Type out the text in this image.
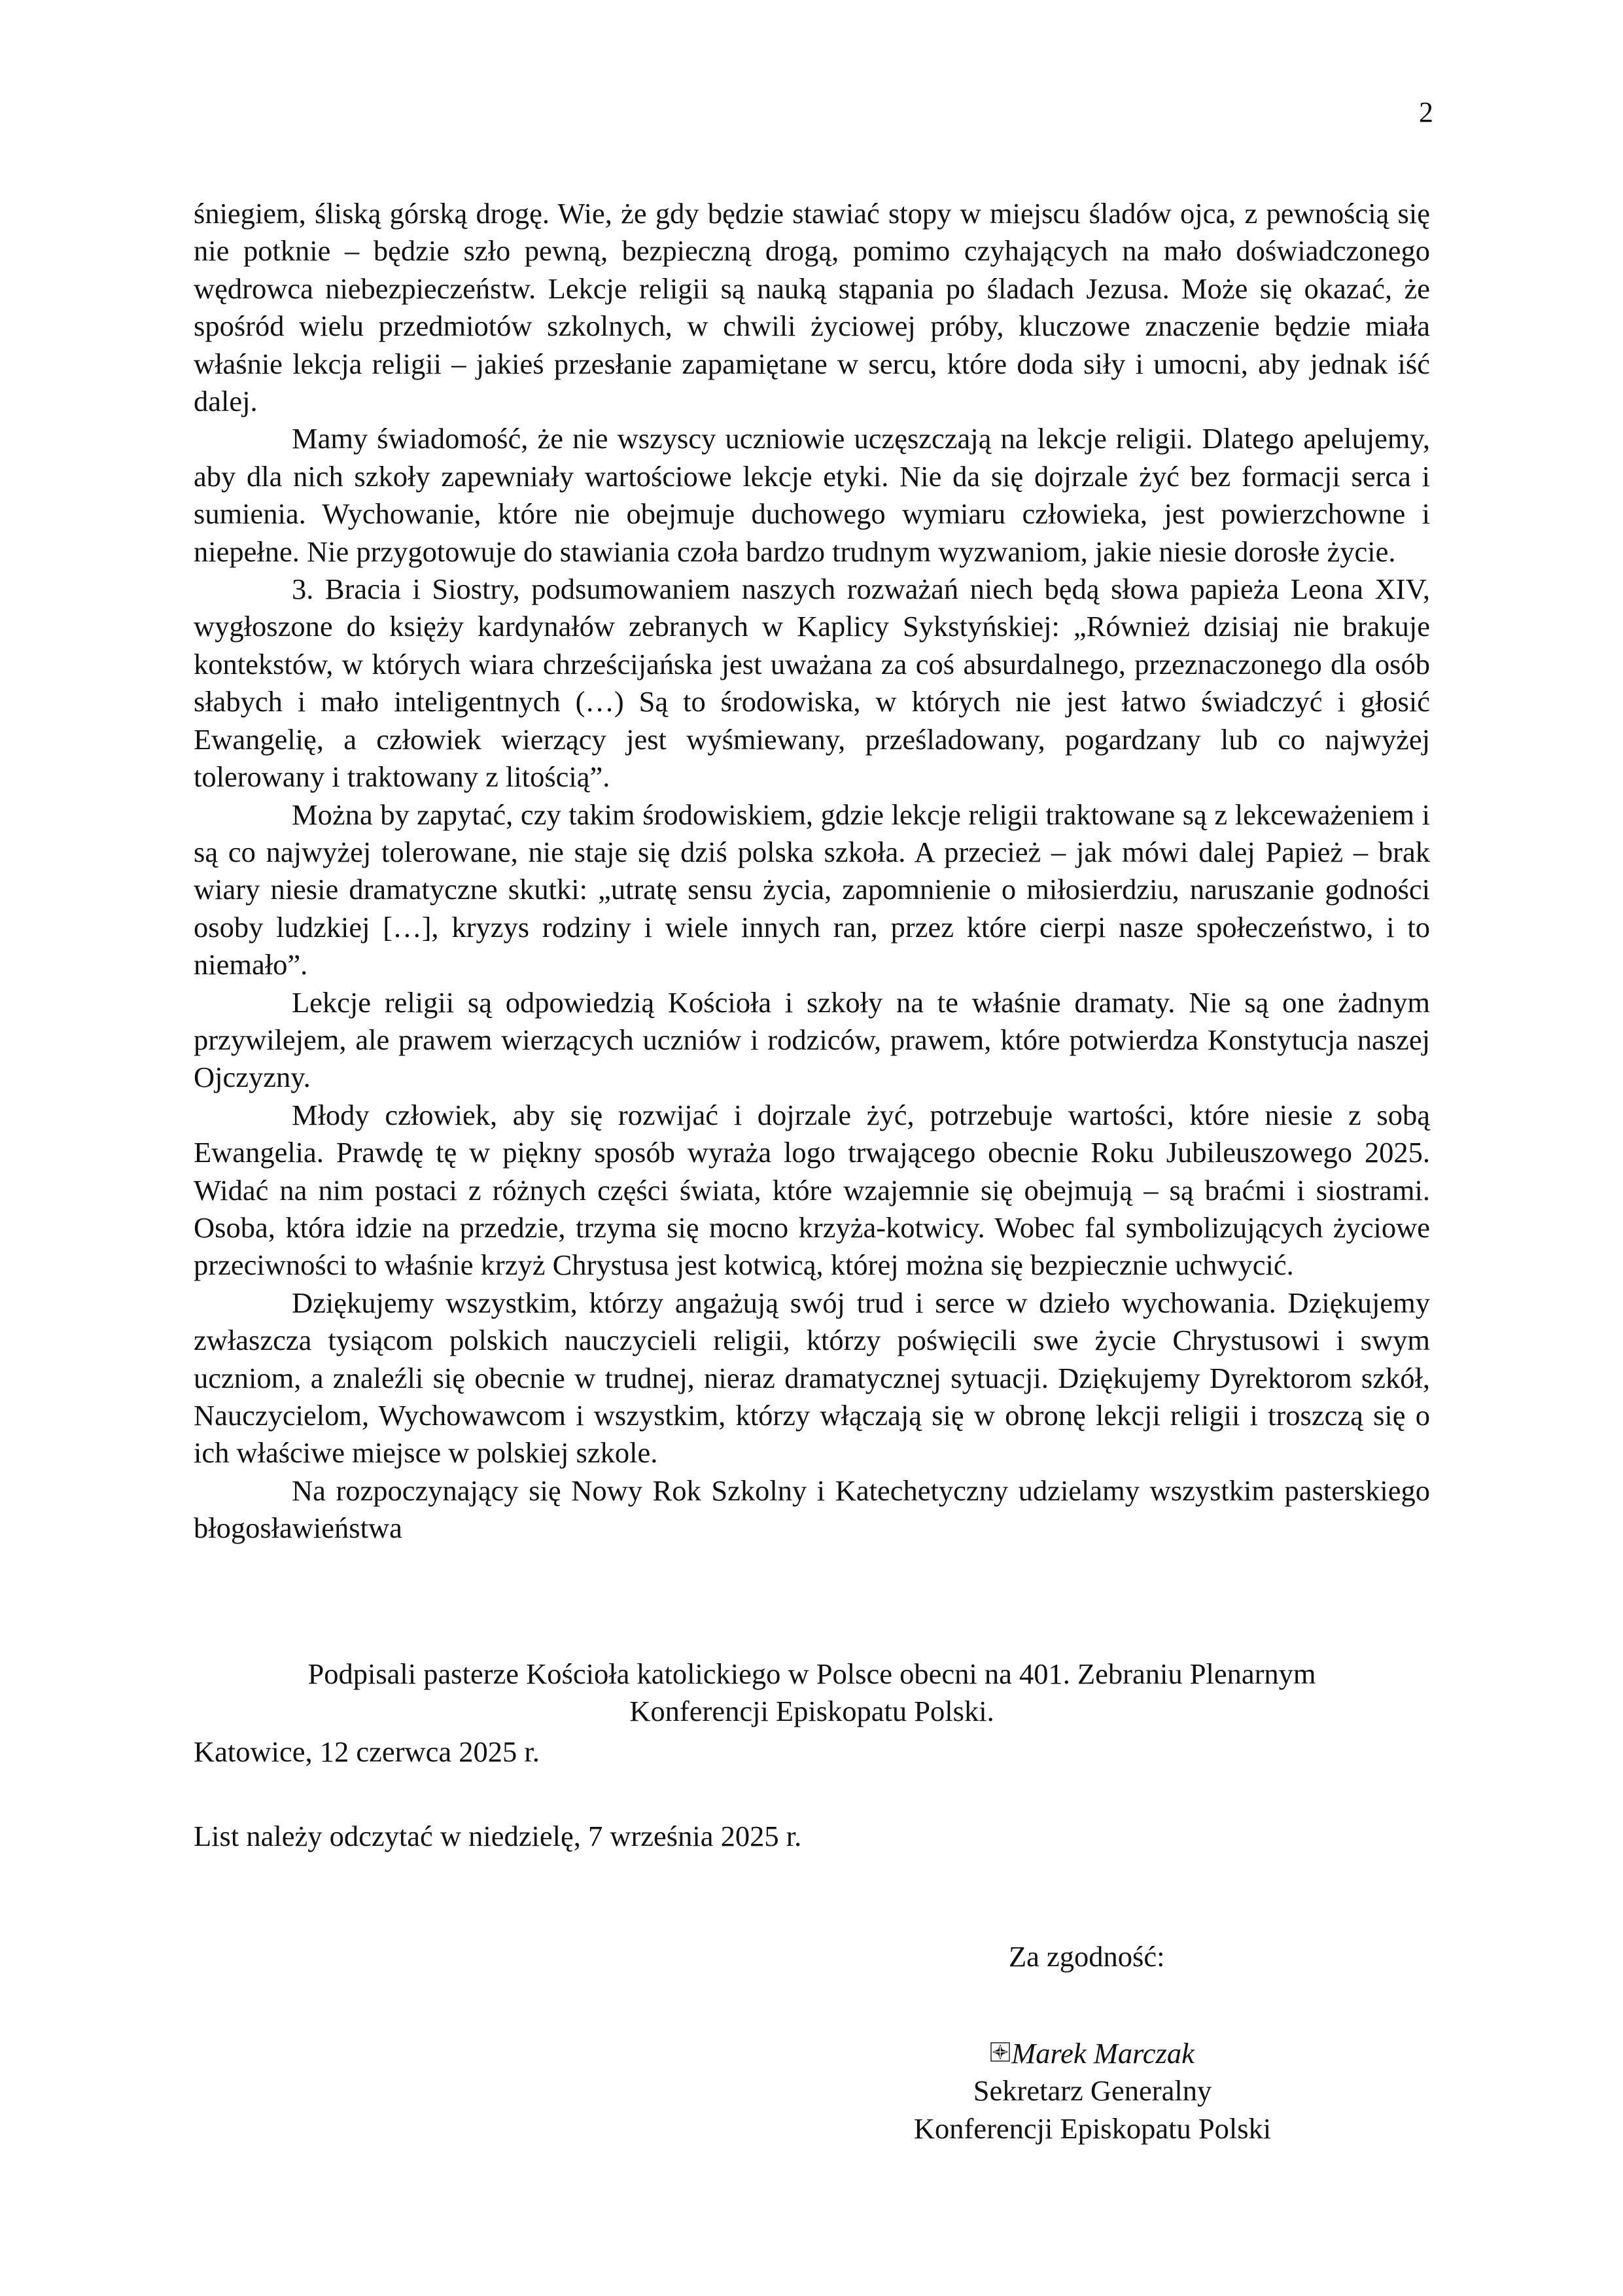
2

śniegiem, śliską górską drogę. Wie, że gdy będzie stawiać stopy w miejscu śladów ojca, z pewnością się nie potknie – będzie szło pewną, bezpieczną drogą, pomimo czyhających na mało doświadczonego wędrowca niebezpieczeństw. Lekcje religii są nauką stąpania po śladach Jezusa. Może się okazać, że spośród wielu przedmiotów szkolnych, w chwili życiowej próby, kluczowe znaczenie będzie miała właśnie lekcja religii – jakieś przesłanie zapamiętane w sercu, które doda siły i umocni, aby jednak iść dalej.

Mamy świadomość, że nie wszyscy uczniowie uczęszczają na lekcje religii. Dlatego apelujemy, aby dla nich szkoły zapewniały wartościowe lekcje etyki. Nie da się dojrzale żyć bez formacji serca i sumienia. Wychowanie, które nie obejmuje duchowego wymiaru człowieka, jest powierzchowne i niepełne. Nie przygotowuje do stawiania czoła bardzo trudnym wyzwaniom, jakie niesie dorosłe życie.

3. Bracia i Siostry, podsumowaniem naszych rozważań niech będą słowa papieża Leona XIV, wygłoszone do księży kardynałów zebranych w Kaplicy Sykstyńskiej: „Również dzisiaj nie brakuje kontekstów, w których wiara chrześcijańska jest uważana za coś absurdalnego, przeznaczonego dla osób słabych i mało inteligentnych (…) Są to środowiska, w których nie jest łatwo świadczyć i głosić Ewangelię, a człowiek wierzący jest wyśmiewany, prześladowany, pogardzany lub co najwyżej tolerowany i traktowany z litością”.

Można by zapytać, czy takim środowiskiem, gdzie lekcje religii traktowane są z lekceważeniem i są co najwyżej tolerowane, nie staje się dziś polska szkoła. A przecież – jak mówi dalej Papież – brak wiary niesie dramatyczne skutki: „utratę sensu życia, zapomnienie o miłosierdziu, naruszanie godności osoby ludzkiej […], kryzys rodziny i wiele innych ran, przez które cierpi nasze społeczeństwo, i to niemało”.

Lekcje religii są odpowiedzią Kościoła i szkoły na te właśnie dramaty. Nie są one żadnym przywilejem, ale prawem wierzących uczniów i rodziców, prawem, które potwierdza Konstytucja naszej Ojczyzny.

Młody człowiek, aby się rozwijać i dojrzale żyć, potrzebuje wartości, które niesie z sobą Ewangelia. Prawdę tę w piękny sposób wyraża logo trwającego obecnie Roku Jubileuszowego 2025. Widać na nim postaci z różnych części świata, które wzajemnie się obejmują – są braćmi i siostrami. Osoba, która idzie na przedzie, trzyma się mocno krzyża-kotwicy. Wobec fal symbolizujących życiowe przeciwności to właśnie krzyż Chrystusa jest kotwicą, której można się bezpiecznie uchwycić.

Dziękujemy wszystkim, którzy angażują swój trud i serce w dzieło wychowania. Dziękujemy zwłaszcza tysiącom polskich nauczycieli religii, którzy poświęcili swe życie Chrystusowi i swym uczniom, a znaleźli się obecnie w trudnej, nieraz dramatycznej sytuacji. Dziękujemy Dyrektorom szkół, Nauczycielom, Wychowawcom i wszystkim, którzy włączają się w obronę lekcji religii i troszczą się o ich właściwe miejsce w polskiej szkole.

Na rozpoczynający się Nowy Rok Szkolny i Katechetyczny udzielamy wszystkim pasterskiego błogosławieństwa

Podpisali pasterze Kościoła katolickiego w Polsce obecni na 401. Zebraniu Plenarnym
Konferencji Episkopatu Polski.

Katowice, 12 czerwca 2025 r.

List należy odczytać w niedzielę, 7 września 2025 r.

Za zgodność:

Marek Marczak
Sekretarz Generalny
Konferencji Episkopatu Polski
